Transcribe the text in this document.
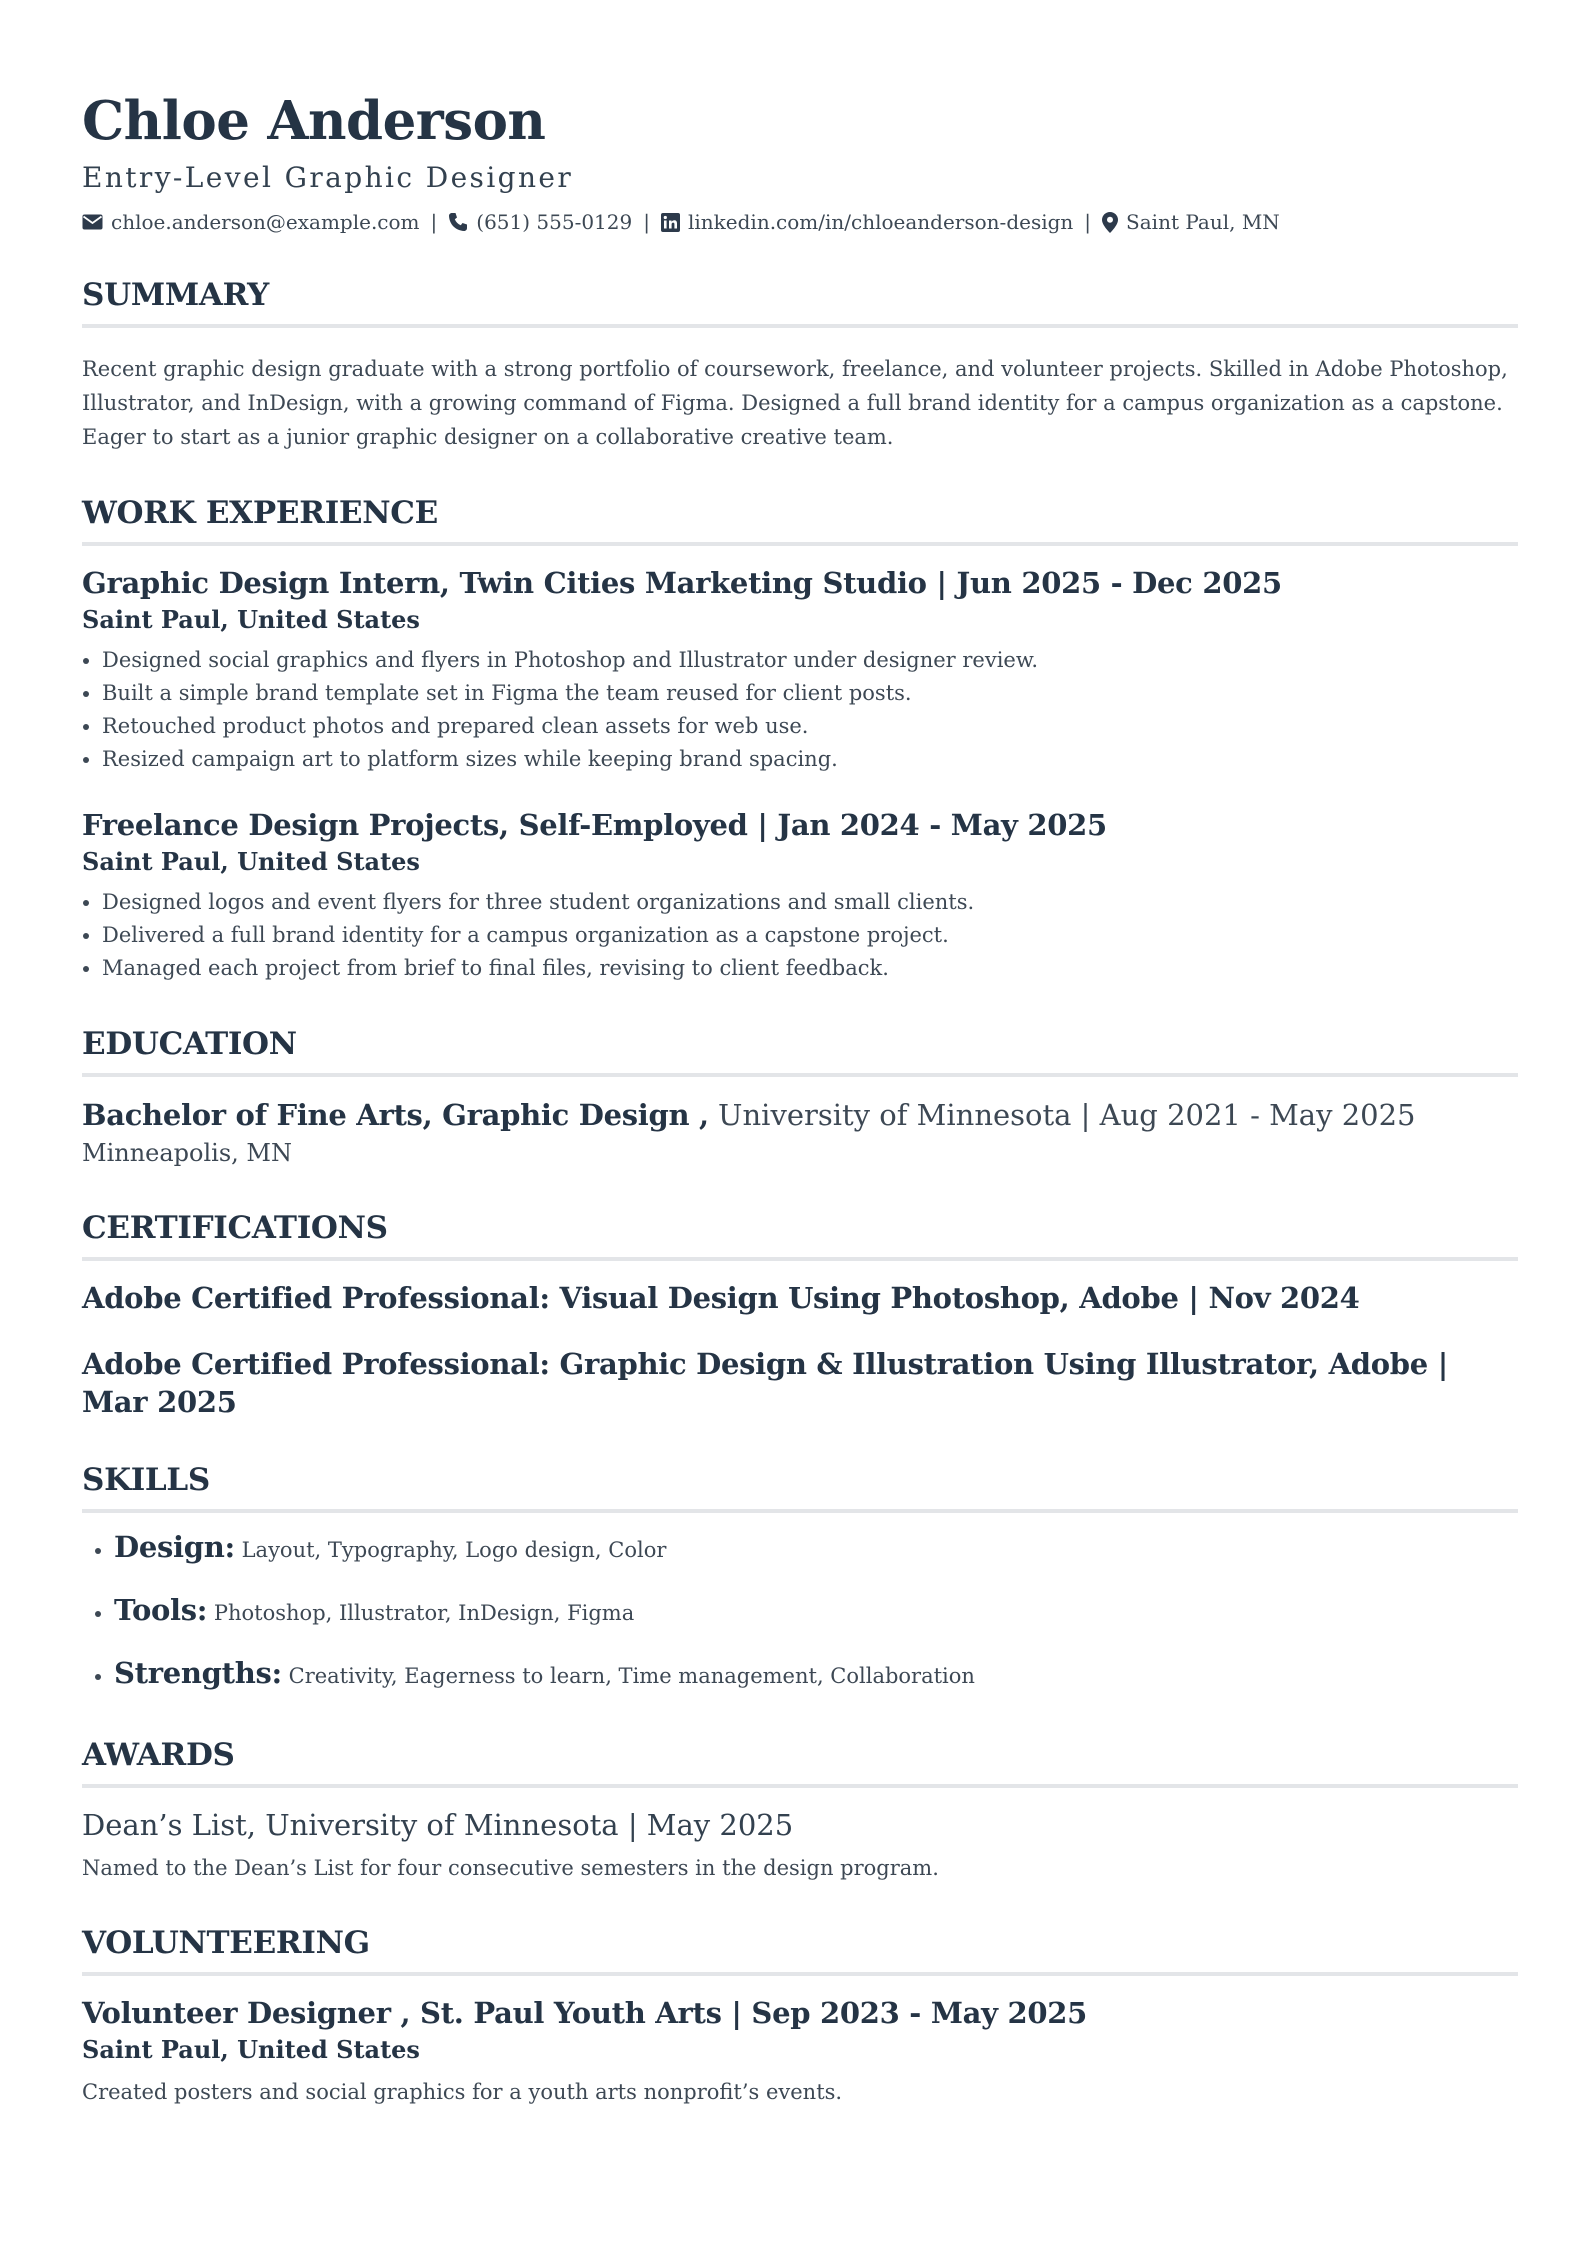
Chloe Anderson
Entry-Level Graphic Designer
chloe.anderson@example.com | (651) 555-0129 | linkedin.com/in/chloeanderson-design | Saint Paul, MN
SUMMARY
Recent graphic design graduate with a strong portfolio of coursework, freelance, and volunteer projects. Skilled in Adobe Photoshop, Illustrator, and InDesign, with a growing command of Figma. Designed a full brand identity for a campus organization as a capstone. Eager to start as a junior graphic designer on a collaborative creative team.
WORK EXPERIENCE
Graphic Design Intern, Twin Cities Marketing Studio | Jun 2025 - Dec 2025
Saint Paul, United States
• Designed social graphics and flyers in Photoshop and Illustrator under designer review.
• Built a simple brand template set in Figma the team reused for client posts.
• Retouched product photos and prepared clean assets for web use.
• Resized campaign art to platform sizes while keeping brand spacing.
Freelance Design Projects, Self-Employed | Jan 2024 - May 2025
Saint Paul, United States
• Designed logos and event flyers for three student organizations and small clients.
• Delivered a full brand identity for a campus organization as a capstone project.
• Managed each project from brief to final files, revising to client feedback.
EDUCATION
Bachelor of Fine Arts, Graphic Design , University of Minnesota | Aug 2021 - May 2025
Minneapolis, MN
CERTIFICATIONS
Adobe Certified Professional: Visual Design Using Photoshop, Adobe | Nov 2024
Adobe Certified Professional: Graphic Design & Illustration Using Illustrator, Adobe | Mar 2025
SKILLS
• Design: Layout, Typography, Logo design, Color
• Tools: Photoshop, Illustrator, InDesign, Figma
• Strengths: Creativity, Eagerness to learn, Time management, Collaboration
AWARDS
Dean’s List, University of Minnesota | May 2025
Named to the Dean’s List for four consecutive semesters in the design program.
VOLUNTEERING
Volunteer Designer , St. Paul Youth Arts | Sep 2023 - May 2025
Saint Paul, United States
Created posters and social graphics for a youth arts nonprofit’s events.
